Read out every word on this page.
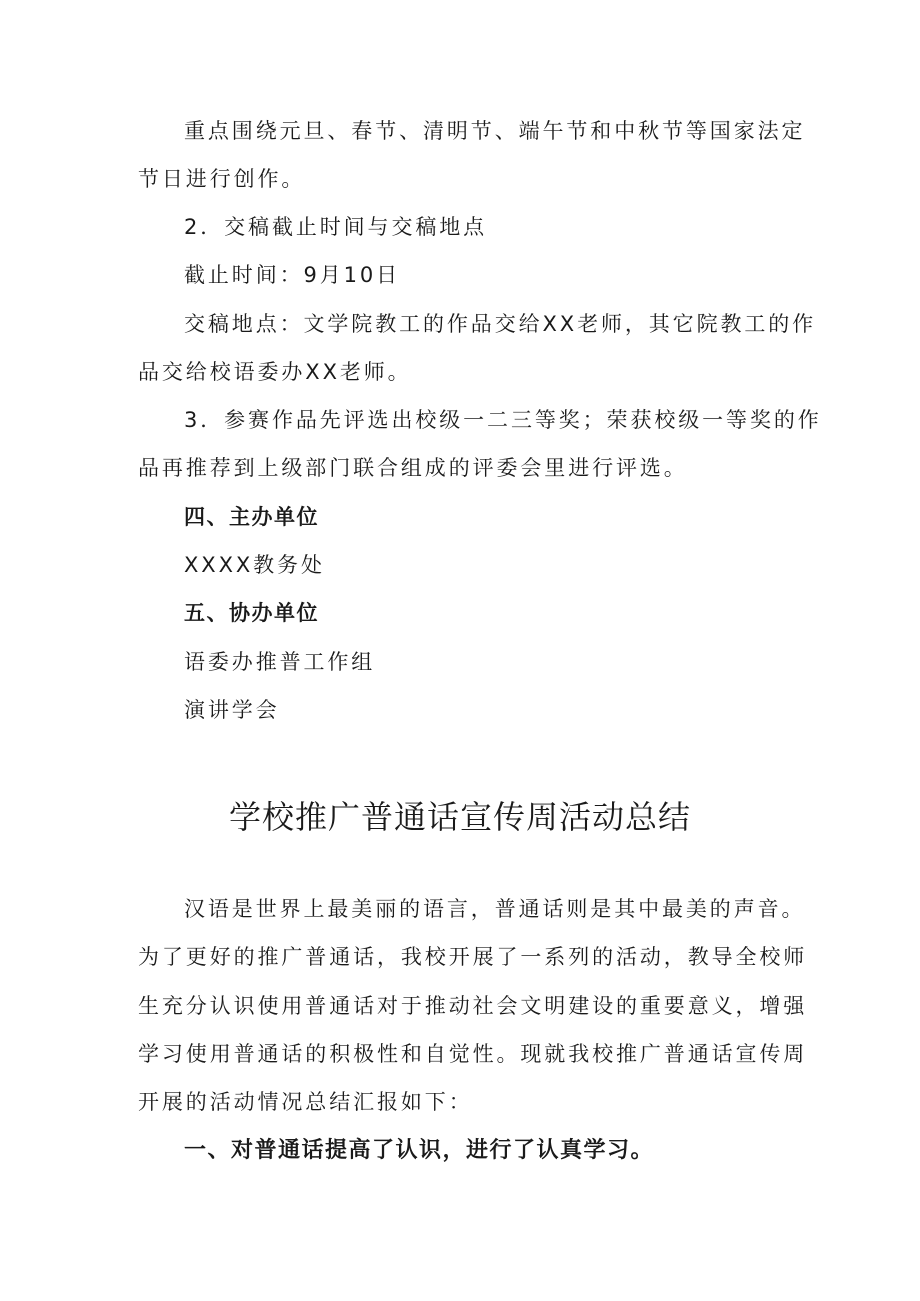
重点围绕元旦、春节、清明节、端午节和中秋节等国家法定
节日进行创作。
2．交稿截止时间与交稿地点
截止时间：9月10日
交稿地点：文学院教工的作品交给XX老师，其它院教工的作
品交给校语委办XX老师。
3．参赛作品先评选出校级一二三等奖；荣获校级一等奖的作
品再推荐到上级部门联合组成的评委会里进行评选。
四、主办单位
XXXX教务处
五、协办单位
语委办推普工作组
演讲学会
学校推广普通话宣传周活动总结
汉语是世界上最美丽的语言，普通话则是其中最美的声音。
为了更好的推广普通话，我校开展了一系列的活动，教导全校师
生充分认识使用普通话对于推动社会文明建设的重要意义，增强
学习使用普通话的积极性和自觉性。现就我校推广普通话宣传周
开展的活动情况总结汇报如下：
一、对普通话提高了认识，进行了认真学习。
